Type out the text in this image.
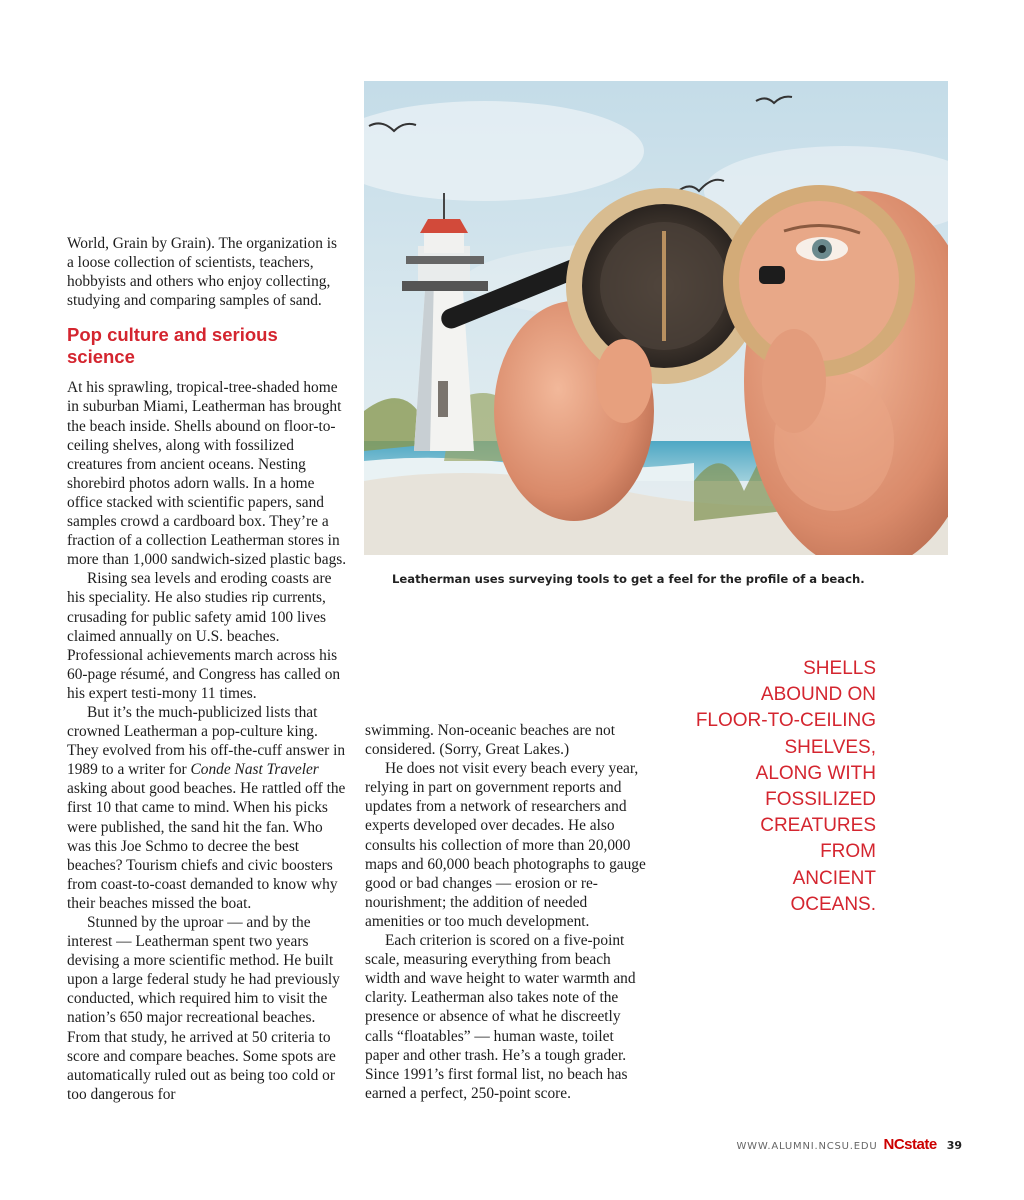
World, Grain by Grain). The organization is a loose collection of scientists, teachers, hobbyists and others who enjoy collecting, studying and comparing samples of sand.

Pop culture and serious science

At his sprawling, tropical-tree-shaded home in suburban Miami, Leatherman has brought the beach inside. Shells abound on floor-to-ceiling shelves, along with fossilized creatures from ancient oceans. Nesting shorebird photos adorn walls. In a home office stacked with scientific papers, sand samples crowd a cardboard box. They’re a fraction of a collection Leatherman stores in more than 1,000 sandwich-sized plastic bags.

Rising sea levels and eroding coasts are his speciality. He also studies rip currents, crusading for public safety amid 100 lives claimed annually on U.S. beaches. Professional achievements march across his 60-page résumé, and Congress has called on his expert testi-mony 11 times.

But it’s the much-publicized lists that crowned Leatherman a pop-culture king. They evolved from his off-the-cuff answer in 1989 to a writer for Conde Nast Traveler asking about good beaches. He rattled off the first 10 that came to mind. When his picks were published, the sand hit the fan. Who was this Joe Schmo to decree the best beaches? Tourism chiefs and civic boosters from coast-to-coast demanded to know why their beaches missed the boat.

Stunned by the uproar — and by the interest — Leatherman spent two years devising a more scientific method. He built upon a large federal study he had previously conducted, which required him to visit the nation’s 650 major recreational beaches. From that study, he arrived at 50 criteria to score and compare beaches. Some spots are automatically ruled out as being too cold or too dangerous for

Leatherman uses surveying tools to get a feel for the profile of a beach.
SHELLS
ABOUND ON
FLOOR-TO-CEILING
SHELVES,
ALONG WITH
FOSSILIZED
CREATURES
FROM
ANCIENT
OCEANS.

swimming. Non-oceanic beaches are not considered. (Sorry, Great Lakes.)

He does not visit every beach every year, relying in part on government reports and updates from a network of researchers and experts developed over decades. He also consults his collection of more than 20,000 maps and 60,000 beach photographs to gauge good or bad changes — erosion or re-nourishment; the addition of needed amenities or too much development.

Each criterion is scored on a five-point scale, measuring everything from beach width and wave height to water warmth and clarity. Leatherman also takes note of the presence or absence of what he discreetly calls “floatables” — human waste, toilet paper and other trash. He’s a tough grader. Since 1991’s first formal list, no beach has earned a perfect, 250-point score.

WWW.ALUMNI.NCSU.EDU NCstate 39
